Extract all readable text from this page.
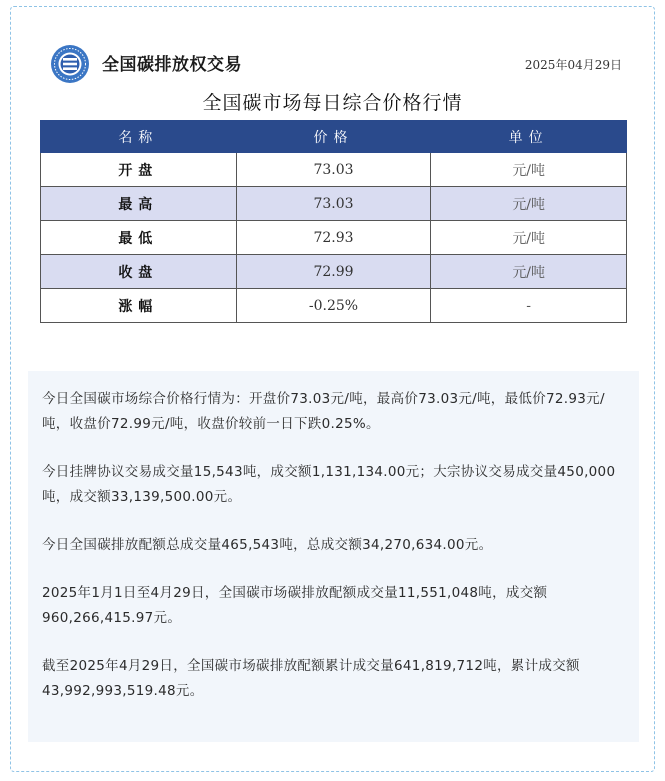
全国碳排放权交易	2025年04月29日
全国碳市场每日综合价格行情
名称	价格	单位
开盘	73.03	元/吨
最高	73.03	元/吨
最低	72.93	元/吨
收盘	72.99	元/吨
涨幅	-0.25%	-

今日全国碳市场综合价格行情为：开盘价73.03元/吨，最高价73.03元/吨，最低价72.93元/吨，收盘价72.99元/吨，收盘价较前一日下跌0.25%。

今日挂牌协议交易成交量15,543吨，成交额1,131,134.00元；大宗协议交易成交量450,000吨，成交额33,139,500.00元。

今日全国碳排放配额总成交量465,543吨，总成交额34,270,634.00元。

2025年1月1日至4月29日，全国碳市场碳排放配额成交量11,551,048吨，成交额960,266,415.97元。

截至2025年4月29日，全国碳市场碳排放配额累计成交量641,819,712吨，累计成交额43,992,993,519.48元。
